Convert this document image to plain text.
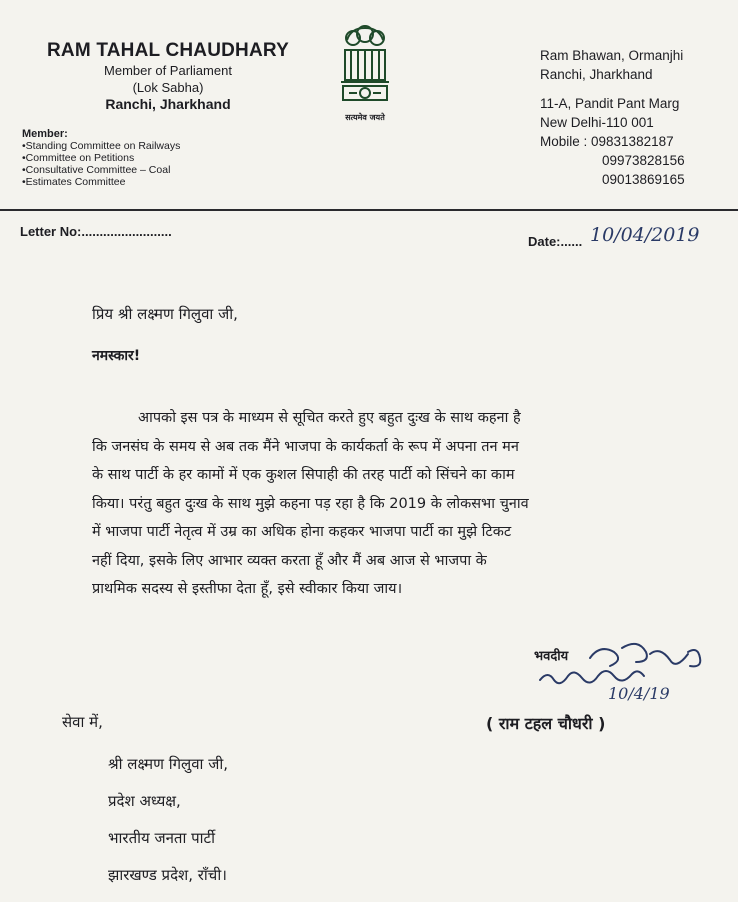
RAM TAHAL CHAUDHARY
Member of Parliament
(Lok Sabha)
Ranchi, Jharkhand
Member:
•Standing Committee on Railways
•Committee on Petitions
•Consultative Committee – Coal
•Estimates Committee
सत्यमेव जयते
Ram Bhawan, Ormanjhi
Ranchi, Jharkhand
11-A, Pandit Pant Marg
New Delhi-110 001
Mobile : 09831382187
09973828156
09013869165
Letter No:.........................
Date:...... 10/04/2019
प्रिय श्री लक्ष्मण गिलुवा जी,
नमस्कार!
आपको इस पत्र के माध्यम से सूचित करते हुए बहुत दुःख के साथ कहना है
कि जनसंघ के समय से अब तक मैंने भाजपा के कार्यकर्ता के रूप में अपना तन मन
के साथ पार्टी के हर कामों में एक कुशल सिपाही की तरह पार्टी को सिंचने का काम
किया। परंतु बहुत दुःख के साथ मुझे कहना पड़ रहा है कि 2019 के लोकसभा चुनाव
में भाजपा पार्टी नेतृत्व में उम्र का अधिक होना कहकर भाजपा पार्टी का मुझे टिकट
नहीं दिया, इसके लिए आभार व्यक्त करता हूँ और मैं अब आज से भाजपा के
प्राथमिक सदस्य से इस्तीफा देता हूँ, इसे स्वीकार किया जाय।
भवदीय
10/4/19
( राम टहल चौधरी )
सेवा में,
श्री लक्ष्मण गिलुवा जी,
प्रदेश अध्यक्ष,
भारतीय जनता पार्टी
झारखण्ड प्रदेश, राँची।
